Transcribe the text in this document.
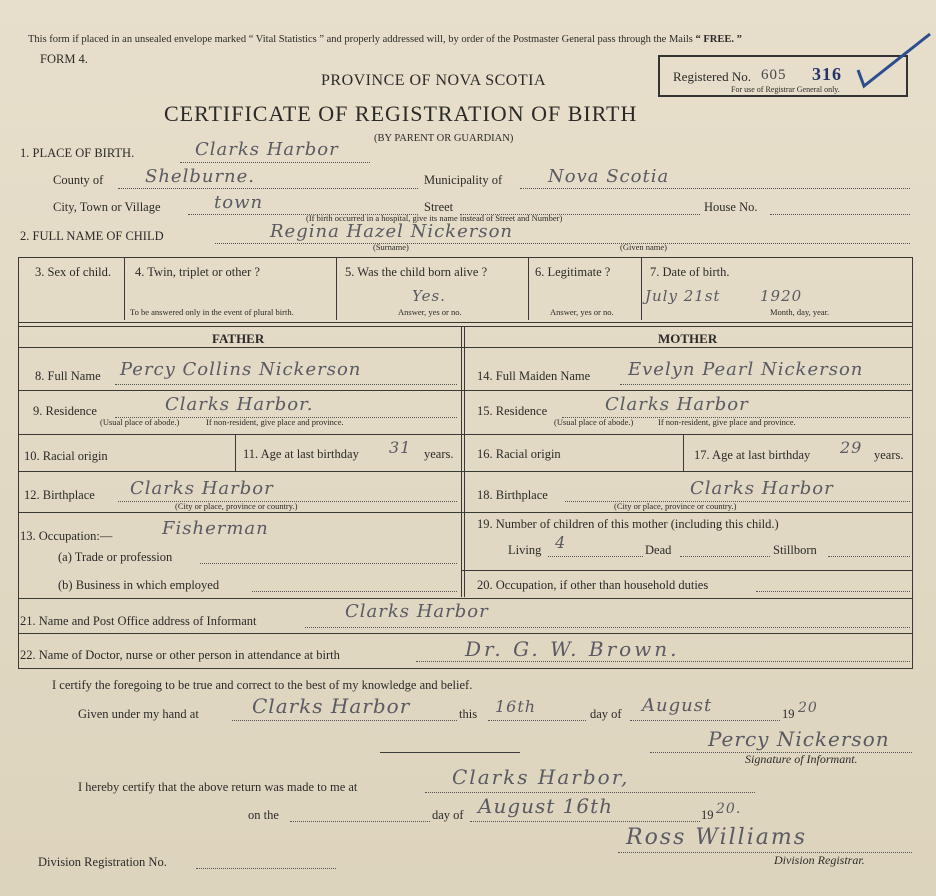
This form if placed in an unsealed envelope marked “ Vital Statistics ” and properly addressed will, by order of the Postmaster General pass through the Mails “ FREE. ”
FORM 4.
PROVINCE OF NOVA SCOTIA
CERTIFICATE OF REGISTRATION OF BIRTH
(BY PARENT OR GUARDIAN)
Registered No. 605 316
For use of Registrar General only.
1. PLACE OF BIRTH.	Clarks Harbor
County of Shelburne.	Municipality of	Nova Scotia
City, Town or Village	town	Street	House No.
(If birth occurred in a hospital, give its name instead of Street and Number)
2. FULL NAME OF CHILD	Regina Hazel Nickerson
(Surname)	(Given name)
3. Sex of child. 4. Twin, triplet or other ?
To be answered only in the event of plural birth.
5. Was the child born alive ?
Yes.
Answer, yes or no.
6. Legitimate ?
Answer, yes or no.
7. Date of birth.
July 21st	1920
Month, day, year.
FATHER	MOTHER
8. Full Name Percy Collins Nickerson	14. Full Maiden Name Evelyn Pearl Nickerson
9. Residence	Clarks Harbor.
(Usual place of abode.)	If non-resident, give place and province.
15. Residence	Clarks Harbor
(Usual place of abode.)	If non-resident, give place and province.
10. Racial origin	11. Age at last birthday 31 years. 16. Racial origin	17. Age at last birthday 29 years.
12. Birthplace Clarks Harbor
(City or place, province or country.)
18. Birthplace	Clarks Harbor
(City or place, province or country.)
13. Occupation:—	Fisherman
(a) Trade or profession
(b) Business in which employed
19. Number of children of this mother (including this child.)
Living 4	Dead	Stillborn
20. Occupation, if other than household duties
21. Name and Post Office address of Informant	Clarks Harbor
22. Name of Doctor, nurse or other person in attendance at birth	Dr. G. W. Brown.
I certify the foregoing to be true and correct to the best of my knowledge and belief.
Given under my hand at	Clarks Harbor	this 16th	day of August	19 20
Percy Nickerson
Signature of Informant.
I hereby certify that the above return was made to me at	Clarks Harbor,
on the	day of August 16th	19 20.
Ross Williams
Division Registrar.
Division Registration No.
